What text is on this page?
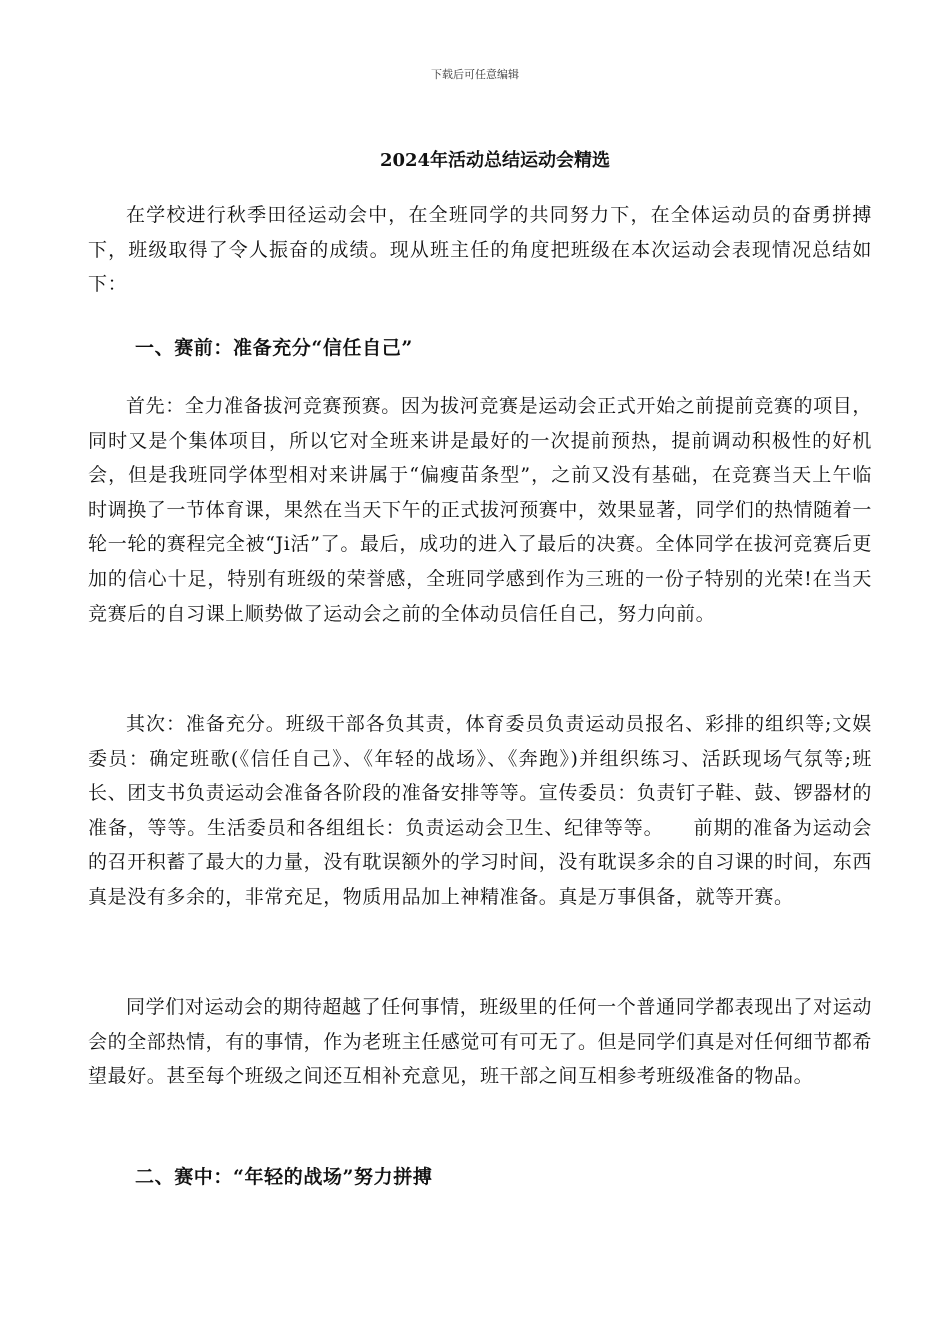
下载后可任意编辑
2024年活动总结运动会精选

在学校进行秋季田径运动会中，在全班同学的共同努力下，在全体运动员的奋勇拼搏下，班级取得了令人振奋的成绩。现从班主任的角度把班级在本次运动会表现情况总结如下：

一、赛前：准备充分“信任自己”

首先：全力准备拔河竞赛预赛。因为拔河竞赛是运动会正式开始之前提前竞赛的项目，同时又是个集体项目，所以它对全班来讲是最好的一次提前预热，提前调动积极性的好机会，但是我班同学体型相对来讲属于“偏瘦苗条型”，之前又没有基础，在竞赛当天上午临时调换了一节体育课，果然在当天下午的正式拔河预赛中，效果显著，同学们的热情随着一轮一轮的赛程完全被“Ji活”了。最后，成功的进入了最后的决赛。全体同学在拔河竞赛后更加的信心十足，特别有班级的荣誉感，全班同学感到作为三班的一份子特别的光荣!在当天竞赛后的自习课上顺势做了运动会之前的全体动员信任自己，努力向前。

其次：准备充分。班级干部各负其责，体育委员负责运动员报名、彩排的组织等;文娱委员：确定班歌(《信任自己》、《年轻的战场》、《奔跑》)并组织练习、活跃现场气氛等;班长、团支书负责运动会准备各阶段的准备安排等等。宣传委员：负责钉子鞋、鼓、锣器材的准备，等等。生活委员和各组组长：负责运动会卫生、纪律等等。　　前期的准备为运动会的召开积蓄了最大的力量，没有耽误额外的学习时间，没有耽误多余的自习课的时间，东西真是没有多余的，非常充足，物质用品加上神精准备。真是万事俱备，就等开赛。

同学们对运动会的期待超越了任何事情，班级里的任何一个普通同学都表现出了对运动会的全部热情，有的事情，作为老班主任感觉可有可无了。但是同学们真是对任何细节都希望最好。甚至每个班级之间还互相补充意见，班干部之间互相参考班级准备的物品。

二、赛中：“年轻的战场”努力拼搏
